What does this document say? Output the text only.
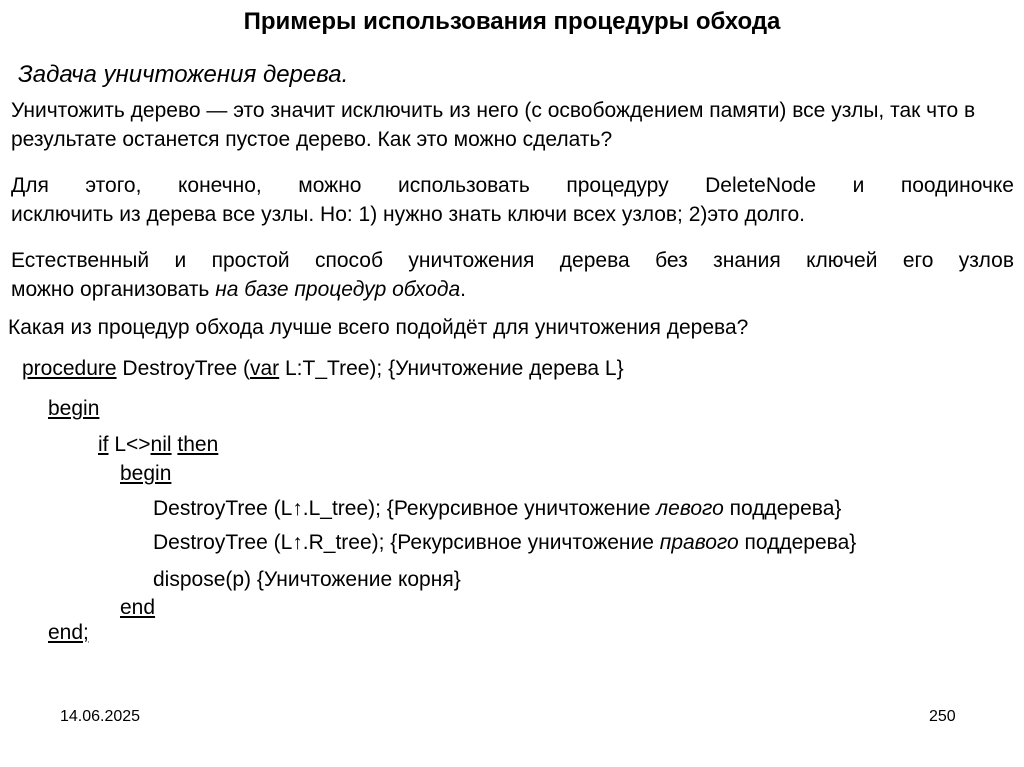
Примеры использования процедуры обхода
Задача уничтожения дерева.
Уничтожить дерево — это значит исключить из него (с освобождением памяти) все узлы, так что в результате останется пустое дерево. Как это можно сделать?
Для этого, конечно, можно использовать процедуру DeleteNode и поодиночке
исключить из дерева все узлы. Но: 1) нужно знать ключи всех узлов; 2)это долго.
Естественный и простой способ уничтожения дерева без знания ключей его узлов
можно организовать на базе процедур обхода.
Какая из процедур обхода лучше всего подойдёт для уничтожения дерева?
procedure DestroyTree (var L:T_Tree); {Уничтожение дерева L}
begin
if L<>nil then
begin
DestroyTree (L↑.L_tree); {Рекурсивное уничтожение левого поддерева}
DestroyTree (L↑.R_tree); {Рекурсивное уничтожение правого поддерева}
dispose(p) {Уничтожение корня}
end
end;
14.06.2025	250
